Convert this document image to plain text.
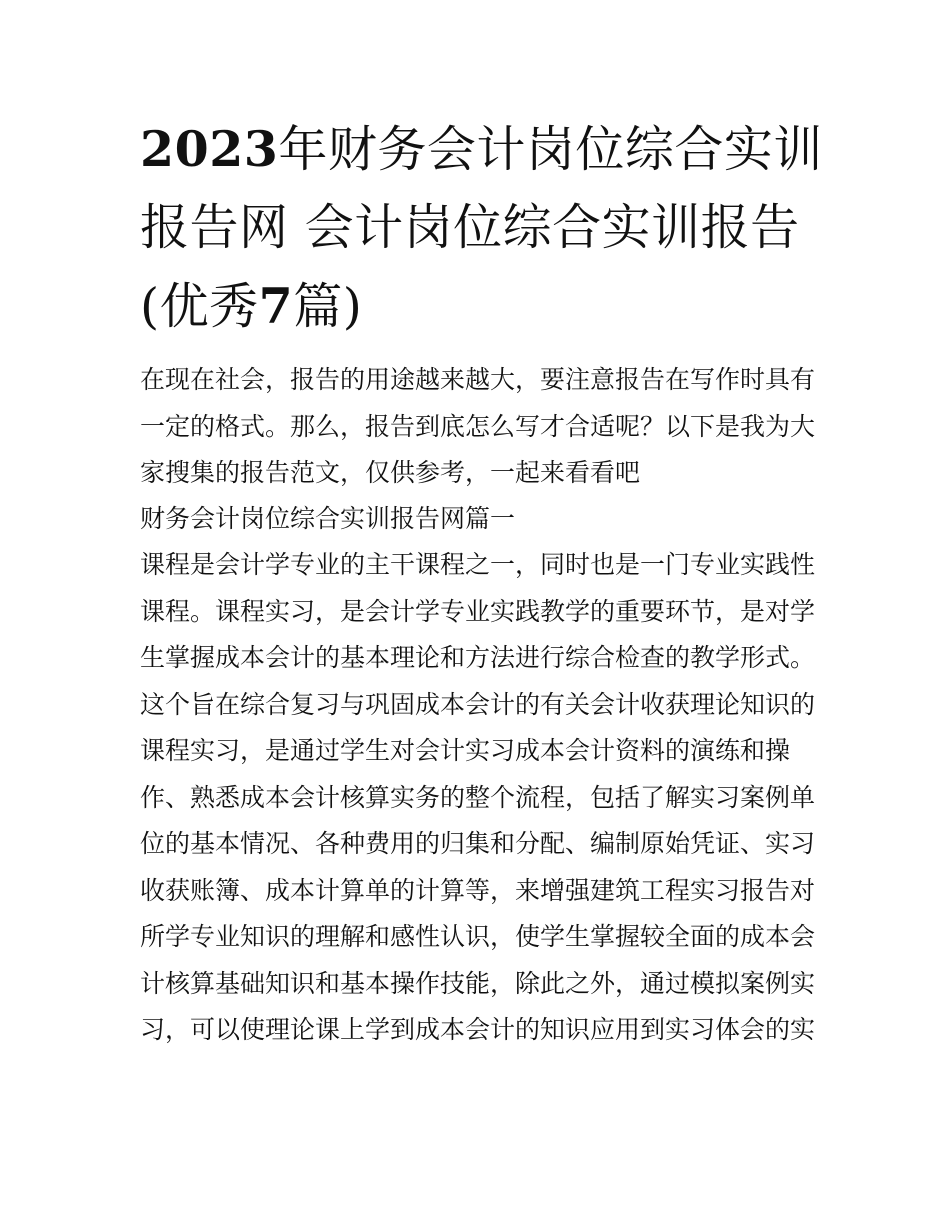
2023年财务会计岗位综合实训
报告网 会计岗位综合实训报告
(优秀7篇)
在现在社会，报告的用途越来越大，要注意报告在写作时具有
一定的格式。那么，报告到底怎么写才合适呢？以下是我为大
家搜集的报告范文，仅供参考，一起来看看吧
财务会计岗位综合实训报告网篇一
课程是会计学专业的主干课程之一，同时也是一门专业实践性
课程。课程实习，是会计学专业实践教学的重要环节，是对学
生掌握成本会计的基本理论和方法进行综合检查的教学形式。
这个旨在综合复习与巩固成本会计的有关会计收获理论知识的
课程实习，是通过学生对会计实习成本会计资料的演练和操
作、熟悉成本会计核算实务的整个流程，包括了解实习案例单
位的基本情况、各种费用的归集和分配、编制原始凭证、实习
收获账簿、成本计算单的计算等，来增强建筑工程实习报告对
所学专业知识的理解和感性认识，使学生掌握较全面的成本会
计核算基础知识和基本操作技能，除此之外，通过模拟案例实
习，可以使理论课上学到成本会计的知识应用到实习体会的实
